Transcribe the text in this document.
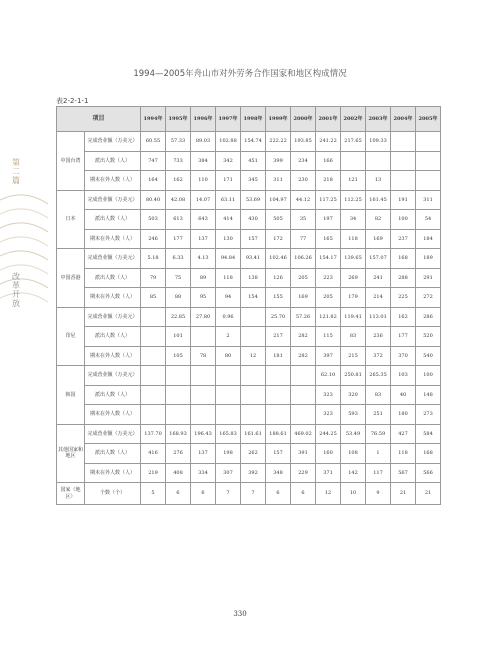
第二篇
改革开放
1994—2005年舟山市对外劳务合作国家和地区构成情况
表2-2-1-1
项目		1994年	1995年	1996年	1997年	1998年	1999年	2000年	2001年	2002年	2003年	2004年	2005年
中国台湾	完成营业额（万美元）	60.55	57.33	89.03	102.88	154.74	222.22	193.85	241.22	217.65	109.33		
	派出人数（人）	747	733	384	342	451	399	234	166				
	期末在外人数（人）	164	162	110	171	345	311	230	218	121	13		
日本	完成营业额（万美元）	80.40	42.08	14.07	63.11	53.69	104.97	44.12	117.25	112.25	161.45	191	311
	派出人数（人）	503	613	643	414	430	505	35	197	34	82	100	54
	期末在外人数（人）	246	177	137	130	157	172	77	165	118	169	237	184
中国香港	完成营业额（万美元）	5.18	6.33	4.13	94.84	93.41	102.46	106.26	154.17	139.65	157.07	168	189
	派出人数（人）	79	75	89	118	138	126	205	223	269	241	288	291
	期末在外人数（人）	85	88	95	94	154	155	169	205	179	214	225	272
印尼	完成营业额（万美元）		22.85	27.80	0.96		25.70	57.26	121.82	119.41	113.01	162	286
	派出人数（人）		101		2		217	282	115	83	236	177	520
	期末在外人数（人）		105	78	80	12	181	282	397	215	372	370	540
韩国	完成营业额（万美元）								62.10	250.81	265.35	103	100
	派出人数（人）								323	320	83	40	148
	期末在外人数（人）								323	593	251	180	273
其他国家和地区	完成营业额（万美元）	137.70	168.93	196.43	165.83	161.61	188.61	469.02	244.25	53.49	76.59	427	584
	派出人数（人）	416	276	137	198	262	157	391	160	108	1	118	168
	期末在外人数（人）	219	408	334	307	392	348	229	371	142	117	567	566
国家（地区）	个数（个）	5	6	6	7	7	6	6	12	10	9	21	21
330
